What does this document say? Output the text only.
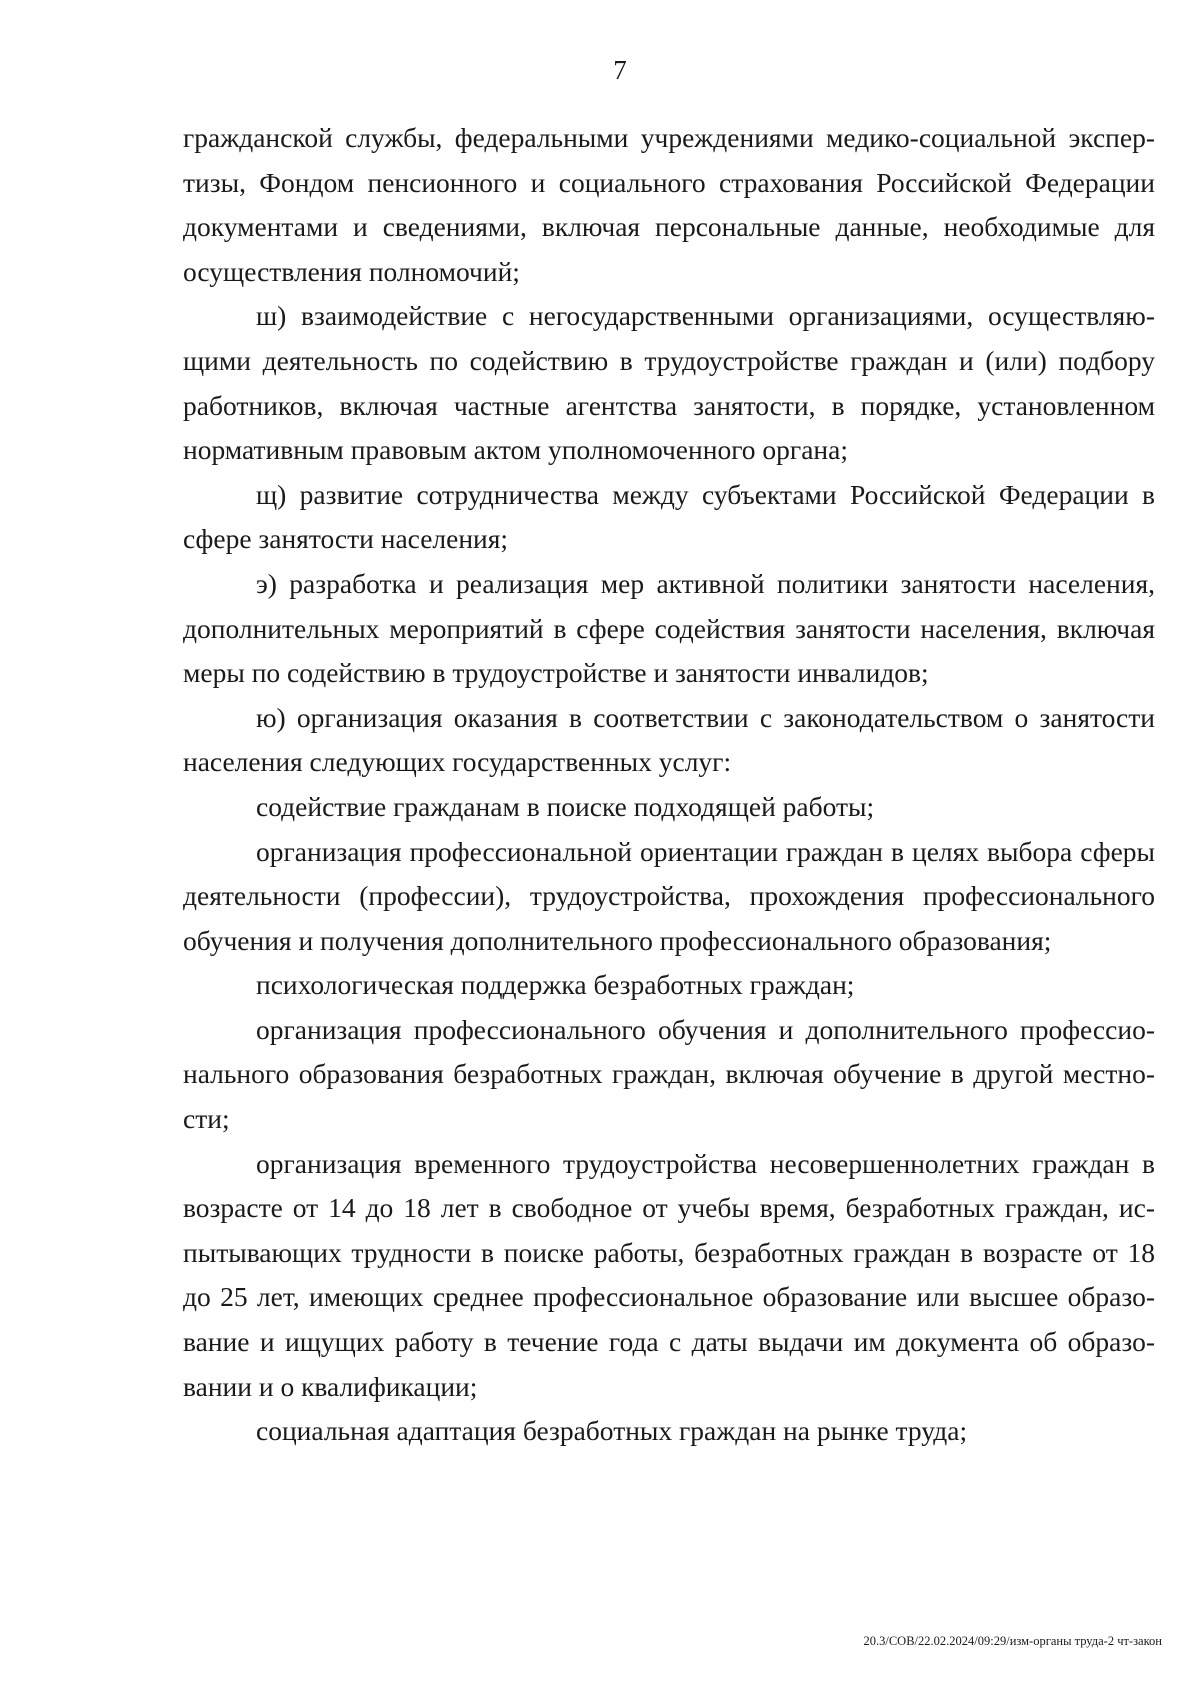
7

гражданской службы, федеральными учреждениями медико-социальной экспертизы, Фондом пенсионного и социального страхования Российской Федерации документами и сведениями, включая персональные данные, необходимые для осуществления полномочий;

ш) взаимодействие с негосударственными организациями, осуществляющими деятельность по содействию в трудоустройстве граждан и (или) подбору работников, включая частные агентства занятости, в порядке, установленном нормативным правовым актом уполномоченного органа;

щ) развитие сотрудничества между субъектами Российской Федерации в сфере занятости населения;

э) разработка и реализация мер активной политики занятости населения, дополнительных мероприятий в сфере содействия занятости населения, включая меры по содействию в трудоустройстве и занятости инвалидов;

ю) организация оказания в соответствии с законодательством о занятости населения следующих государственных услуг:

содействие гражданам в поиске подходящей работы;

организация профессиональной ориентации граждан в целях выбора сферы деятельности (профессии), трудоустройства, прохождения профессионального обучения и получения дополнительного профессионального образования;

психологическая поддержка безработных граждан;

организация профессионального обучения и дополнительного профессионального образования безработных граждан, включая обучение в другой местности;

организация временного трудоустройства несовершеннолетних граждан в возрасте от 14 до 18 лет в свободное от учебы время, безработных граждан, испытывающих трудности в поиске работы, безработных граждан в возрасте от 18 до 25 лет, имеющих среднее профессиональное образование или высшее образование и ищущих работу в течение года с даты выдачи им документа об образовании и о квалификации;

социальная адаптация безработных граждан на рынке труда;

20.3/СОВ/22.02.2024/09:29/изм-органы труда-2 чт-закон
